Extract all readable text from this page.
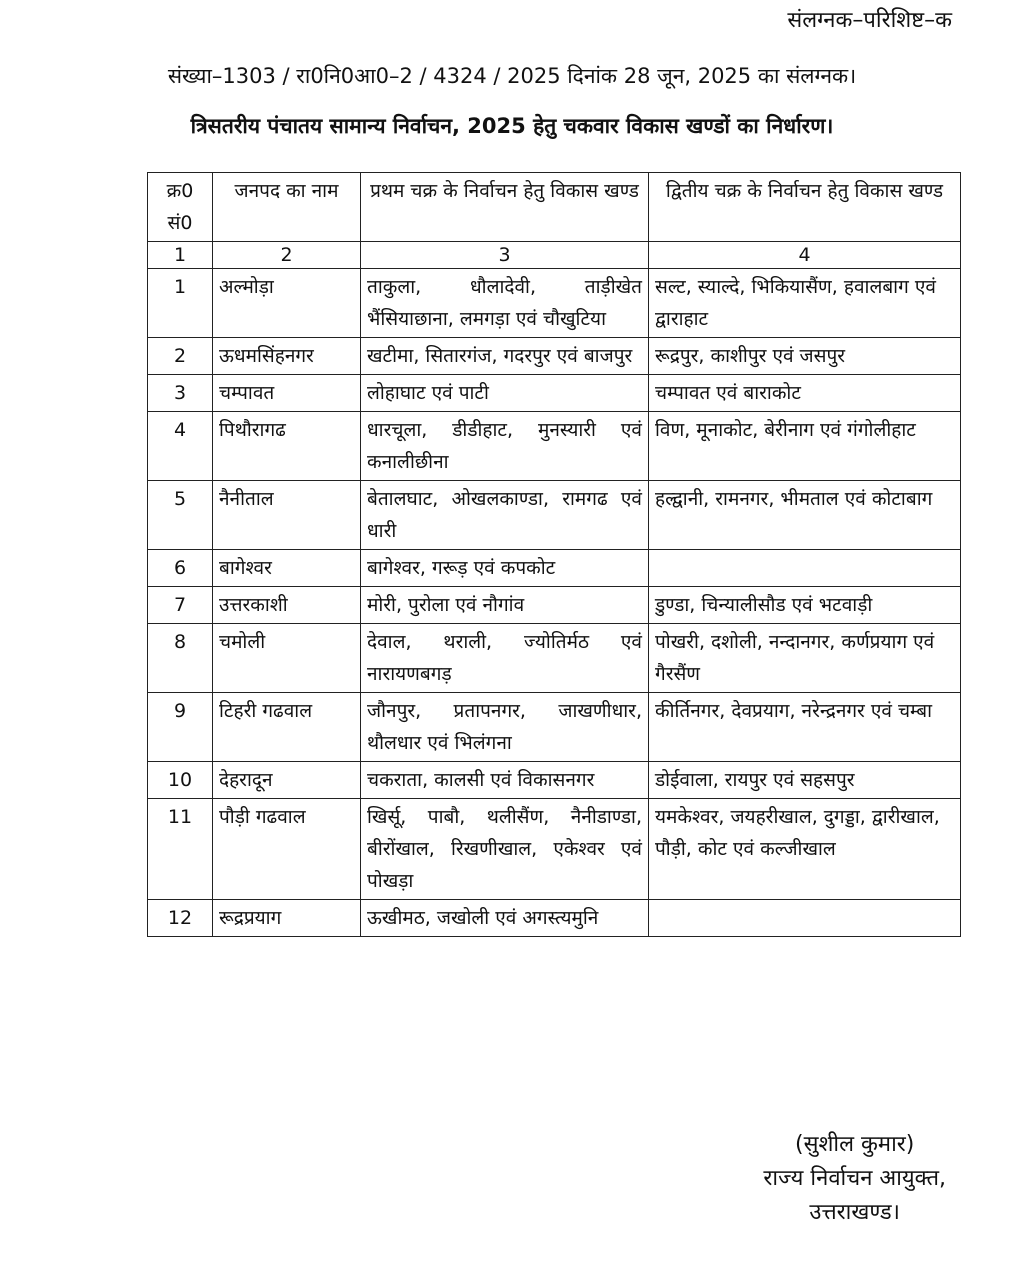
संलग्नक–परिशिष्ट–क
संख्या–1303 / रा0नि0आ0–2 / 4324 / 2025 दिनांक 28 जून, 2025 का संलग्नक।
त्रिसतरीय पंचातय सामान्य निर्वाचन, 2025 हेतु चकवार विकास खण्डों का निर्धारण।
क्र0 सं0	जनपद का नाम	प्रथम चक्र के निर्वाचन हेतु विकास खण्ड	द्वितीय चक्र के निर्वाचन हेतु विकास खण्ड
1	2	3	4
1	अल्मोड़ा	ताकुला, धौलादेवी, ताड़ीखेत भैंसियाछाना, लमगड़ा एवं चौखुटिया	सल्ट, स्याल्दे, भिकियासैंण, हवालबाग एवं द्वाराहाट
2	ऊधमसिंहनगर	खटीमा, सितारगंज, गदरपुर एवं बाजपुर	रूद्रपुर, काशीपुर एवं जसपुर
3	चम्पावत	लोहाघाट एवं पाटी	चम्पावत एवं बाराकोट
4	पिथौरागढ	धारचूला, डीडीहाट, मुनस्यारी एवं कनालीछीना	विण, मूनाकोट, बेरीनाग एवं गंगोलीहाट
5	नैनीताल	बेतालघाट, ओखलकाण्डा, रामगढ एवं धारी	हल्द्वानी, रामनगर, भीमताल एवं कोटाबाग
6	बागेश्वर	बागेश्वर, गरूड़ एवं कपकोट	
7	उत्तरकाशी	मोरी, पुरोला एवं नौगांव	डुण्डा, चिन्यालीसौड एवं भटवाड़ी
8	चमोली	देवाल, थराली, ज्योतिर्मठ एवं नारायणबगड़	पोखरी, दशोली, नन्दानगर, कर्णप्रयाग एवं गैरसैंण
9	टिहरी गढवाल	जौनपुर, प्रतापनगर, जाखणीधार, थौलधार एवं भिलंगना	कीर्तिनगर, देवप्रयाग, नरेन्द्रनगर एवं चम्बा
10	देहरादून	चकराता, कालसी एवं विकासनगर	डोईवाला, रायपुर एवं सहसपुर
11	पौड़ी गढवाल	खिर्सू, पाबौ, थलीसैंण, नैनीडाण्डा, बीरोंखाल, रिखणीखाल, एकेश्वर एवं पोखड़ा	यमकेश्वर, जयहरीखाल, दुगड्डा, द्वारीखाल, पौड़ी, कोट एवं कल्जीखाल
12	रूद्रप्रयाग	ऊखीमठ, जखोली एवं अगस्त्यमुनि	
(सुशील कुमार)
राज्य निर्वाचन आयुक्त,
उत्तराखण्ड।
